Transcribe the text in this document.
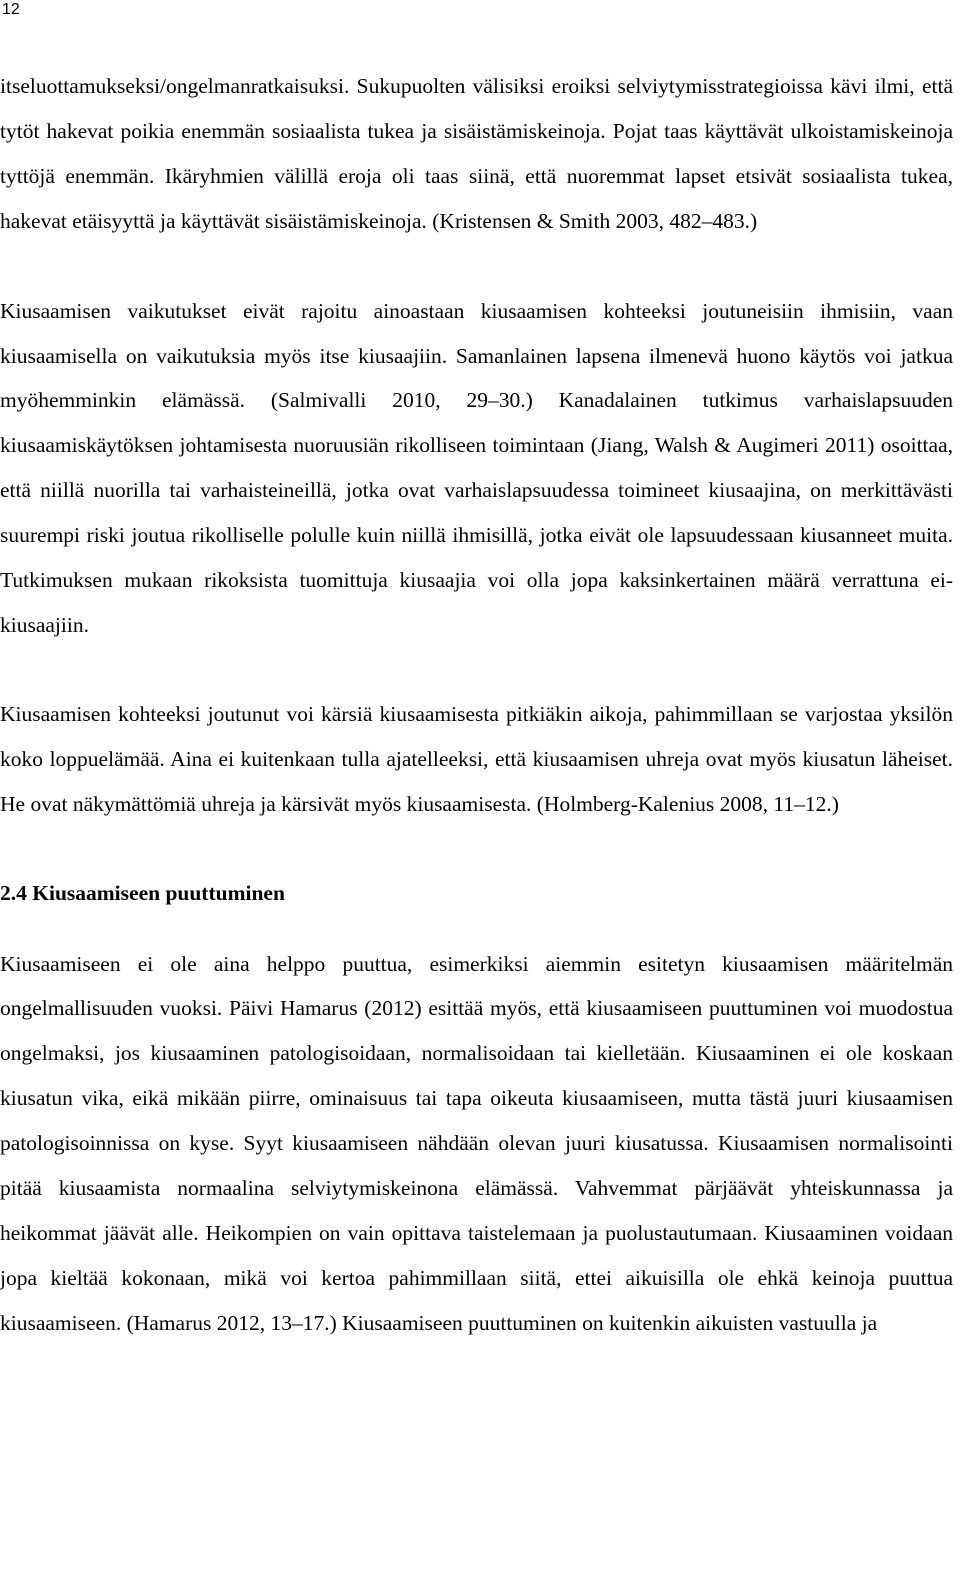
12

itseluottamukseksi/ongelmanratkaisuksi. Sukupuolten välisiksi eroiksi selviytymisstrategioissa kävi ilmi, että tytöt hakevat poikia enemmän sosiaalista tukea ja sisäistämiskeinoja. Pojat taas käyttävät ulkoistamiskeinoja tyttöjä enemmän. Ikäryhmien välillä eroja oli taas siinä, että nuoremmat lapset etsivät sosiaalista tukea, hakevat etäisyyttä ja käyttävät sisäistämiskeinoja. (Kristensen & Smith 2003, 482–483.)

Kiusaamisen vaikutukset eivät rajoitu ainoastaan kiusaamisen kohteeksi joutuneisiin ihmisiin, vaan kiusaamisella on vaikutuksia myös itse kiusaajiin. Samanlainen lapsena ilmenevä huono käytös voi jatkua myöhemminkin elämässä. (Salmivalli 2010, 29–30.) Kanadalainen tutkimus varhaislapsuuden kiusaamiskäytöksen johtamisesta nuoruusiän rikolliseen toimintaan (Jiang, Walsh & Augimeri 2011) osoittaa, että niillä nuorilla tai varhaisteineillä, jotka ovat varhaislapsuudessa toimineet kiusaajina, on merkittävästi suurempi riski joutua rikolliselle polulle kuin niillä ihmisillä, jotka eivät ole lapsuudessaan kiusanneet muita. Tutkimuksen mukaan rikoksista tuomittuja kiusaajia voi olla jopa kaksinkertainen määrä verrattuna ei-kiusaajiin.

Kiusaamisen kohteeksi joutunut voi kärsiä kiusaamisesta pitkiäkin aikoja, pahimmillaan se varjostaa yksilön koko loppuelämää. Aina ei kuitenkaan tulla ajatelleeksi, että kiusaamisen uhreja ovat myös kiusatun läheiset. He ovat näkymättömiä uhreja ja kärsivät myös kiusaamisesta. (Holmberg-Kalenius 2008, 11–12.)

2.4 Kiusaamiseen puuttuminen

Kiusaamiseen ei ole aina helppo puuttua, esimerkiksi aiemmin esitetyn kiusaamisen määritelmän ongelmallisuuden vuoksi. Päivi Hamarus (2012) esittää myös, että kiusaamiseen puuttuminen voi muodostua ongelmaksi, jos kiusaaminen patologisoidaan, normalisoidaan tai kielletään. Kiusaaminen ei ole koskaan kiusatun vika, eikä mikään piirre, ominaisuus tai tapa oikeuta kiusaamiseen, mutta tästä juuri kiusaamisen patologisoinnissa on kyse. Syyt kiusaamiseen nähdään olevan juuri kiusatussa. Kiusaamisen normalisointi pitää kiusaamista normaalina selviytymiskeinona elämässä. Vahvemmat pärjäävät yhteiskunnassa ja heikommat jäävät alle. Heikompien on vain opittava taistelemaan ja puolustautumaan. Kiusaaminen voidaan jopa kieltää kokonaan, mikä voi kertoa pahimmillaan siitä, ettei aikuisilla ole ehkä keinoja puuttua kiusaamiseen. (Hamarus 2012, 13–17.) Kiusaamiseen puuttuminen on kuitenkin aikuisten vastuulla ja
